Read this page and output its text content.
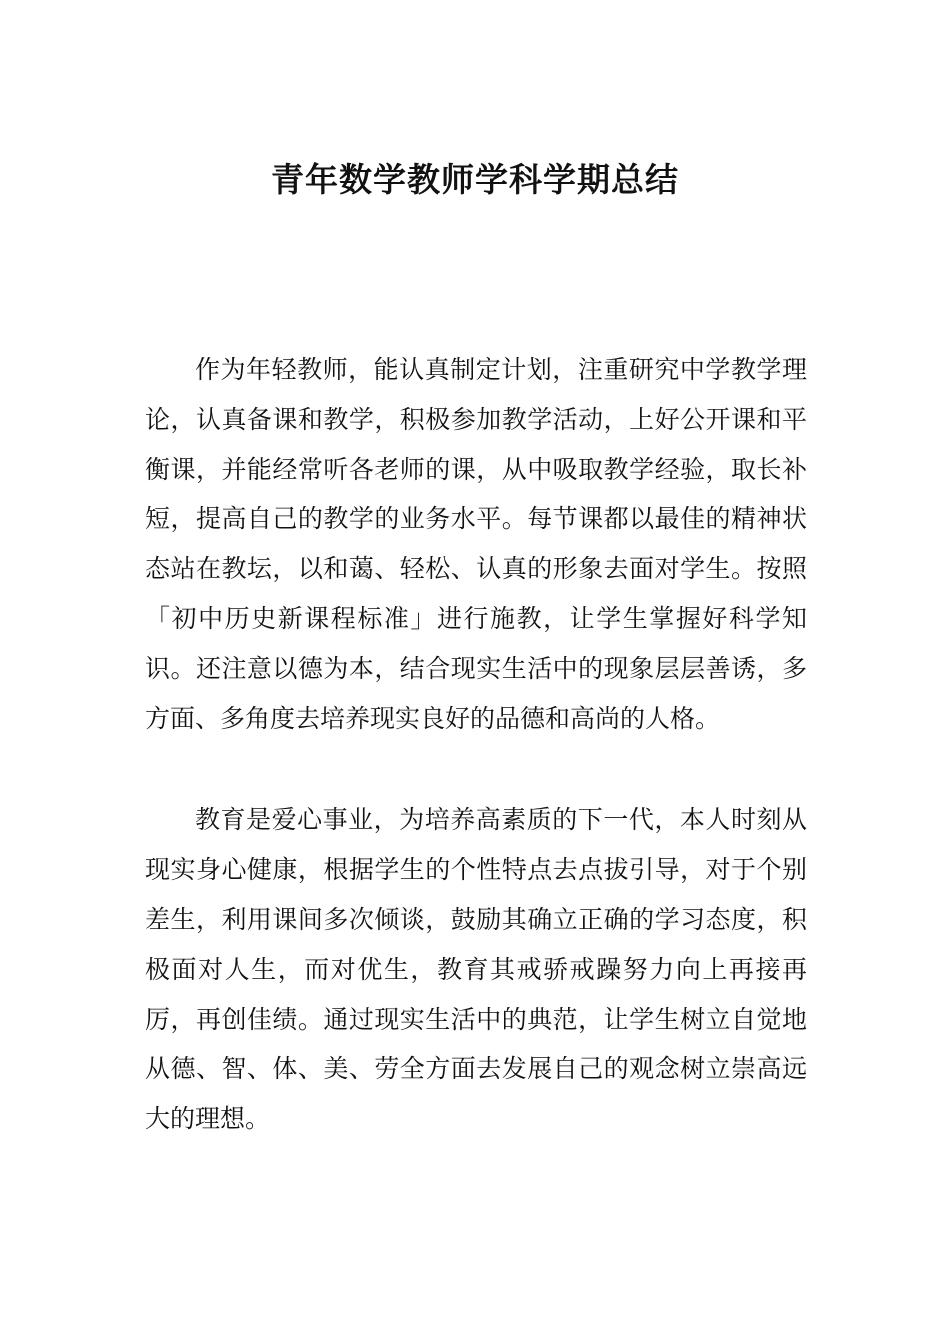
青年数学教师学科学期总结

作为年轻教师，能认真制定计划，注重研究中学教学理论，认真备课和教学，积极参加教学活动，上好公开课和平衡课，并能经常听各老师的课，从中吸取教学经验，取长补短，提高自己的教学的业务水平。每节课都以最佳的精神状态站在教坛，以和蔼、轻松、认真的形象去面对学生。按照「初中历史新课程标准」进行施教，让学生掌握好科学知识。还注意以德为本，结合现实生活中的现象层层善诱，多方面、多角度去培养现实良好的品德和高尚的人格。

教育是爱心事业，为培养高素质的下一代，本人时刻从现实身心健康，根据学生的个性特点去点拔引导，对于个别差生，利用课间多次倾谈，鼓励其确立正确的学习态度，积极面对人生，而对优生，教育其戒骄戒躁努力向上再接再厉，再创佳绩。通过现实生活中的典范，让学生树立自觉地从德、智、体、美、劳全方面去发展自己的观念树立崇高远大的理想。
